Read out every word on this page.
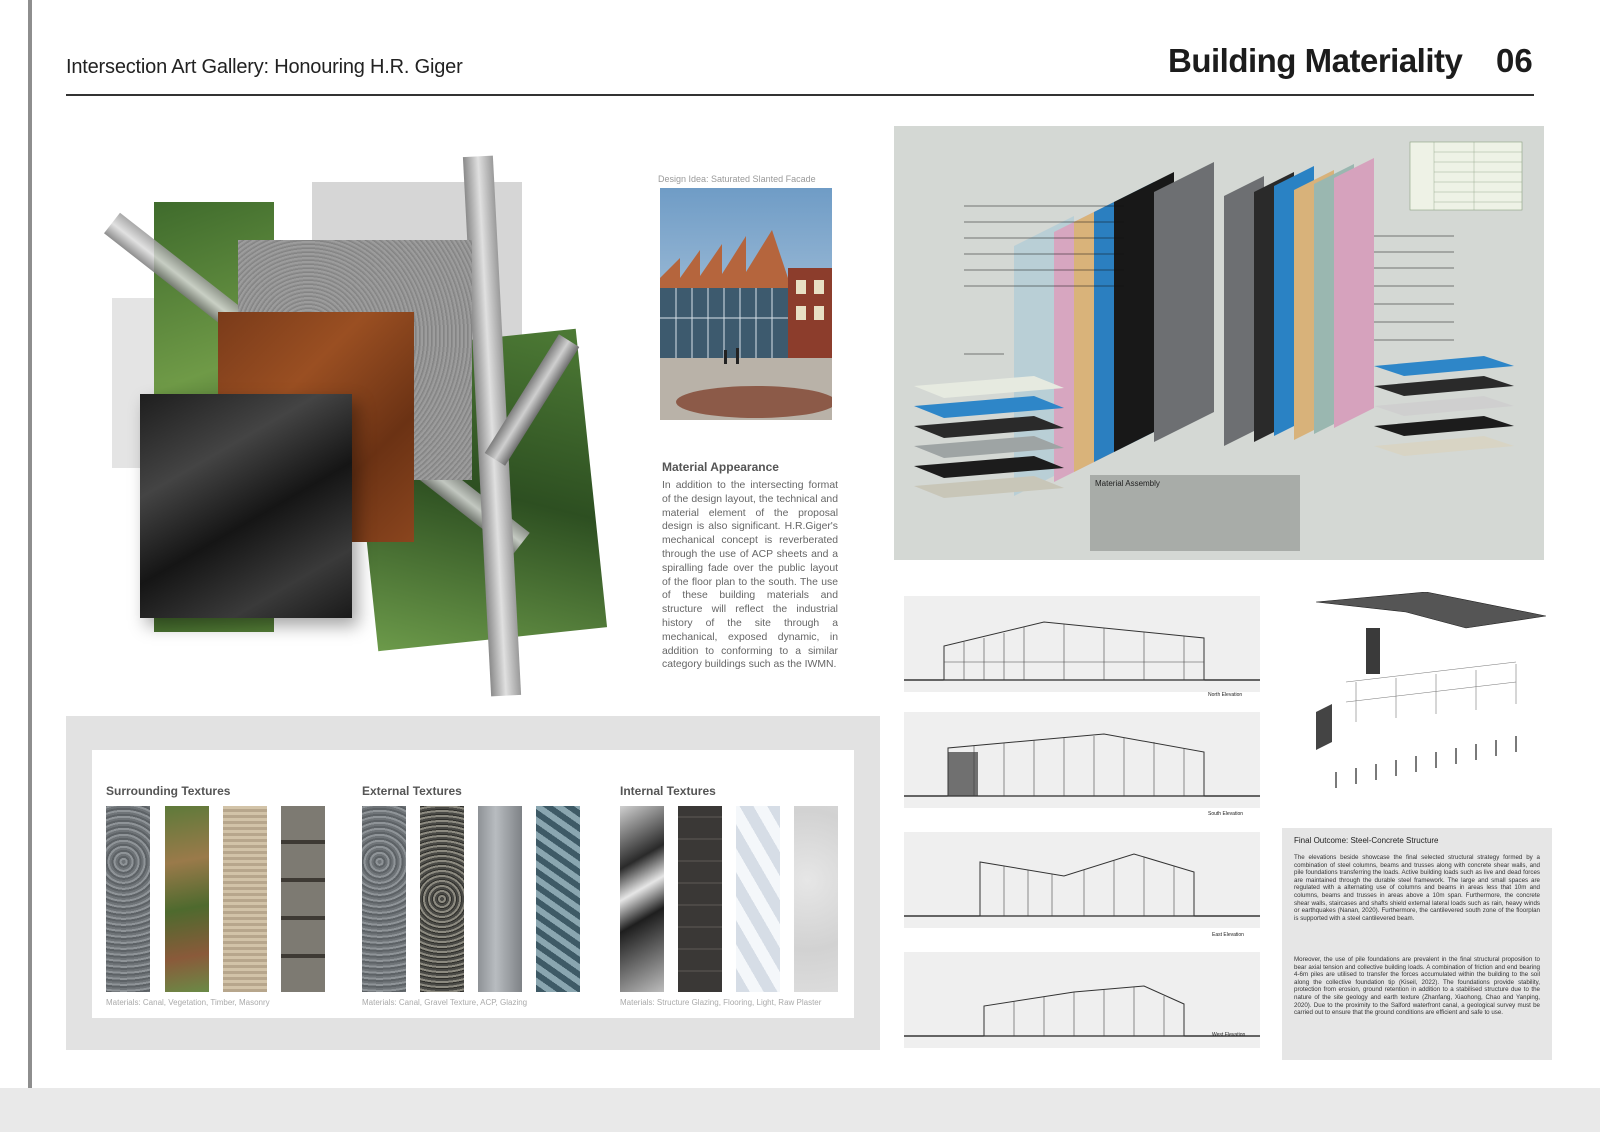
Intersection Art Gallery: Honouring H.R. Giger	Building Materiality 06
Design Idea: Saturated Slanted Facade
Material Appearance
In addition to the intersecting format of the design layout, the technical and material element of the proposal design is also significant. H.R.Giger's mechanical concept is reverberated through the use of ACP sheets and a spiralling fade over the public layout of the floor plan to the south. The use of these building materials and structure will reflect the industrial history of the site through a mechanical, exposed dynamic, in addition to conforming to a similar category buildings such as the IWMN.
Surrounding Textures
Materials: Canal, Vegetation, Timber, Masonry
External Textures
Materials: Canal, Gravel Texture, ACP, Glazing
Internal Textures
Materials: Structure Glazing, Flooring, Light, Raw Plaster
Material Assembly
North Elevation
South Elevation
East Elevation
West Elevation
Final Outcome: Steel-Concrete Structure
The elevations beside showcase the final selected structural strategy formed by a combination of steel columns, beams and trusses along with concrete shear walls, and pile foundations transferring the loads. Active building loads such as live and dead forces are maintained through the durable steel framework. The large and small spaces are regulated with a alternating use of columns and beams in areas less that 10m and columns, beams and trusses in areas above a 10m span. Furthermore, the concrete shear walls, staircases and shafts shield external lateral loads such as rain, heavy winds or earthquakes (Nanan, 2020). Furthermore, the cantilevered south zone of the floorplan is supported with a steel cantilevered beam.
Moreover, the use of pile foundations are prevalent in the final structural proposition to bear axial tension and collective building loads. A combination of friction and end bearing 4-6m piles are utilised to transfer the forces accumulated within the building to the soil along the collective foundation tip (Kiseil, 2022). The foundations provide stability, protection from erosion, ground retention in addition to a stabilised structure due to the nature of the site geology and earth texture (Zhanfang, Xiaohong, Chao and Yanping, 2020). Due to the proximity to the Salford waterfront canal, a geological survey must be carried out to ensure that the ground conditions are efficient and safe to use.
